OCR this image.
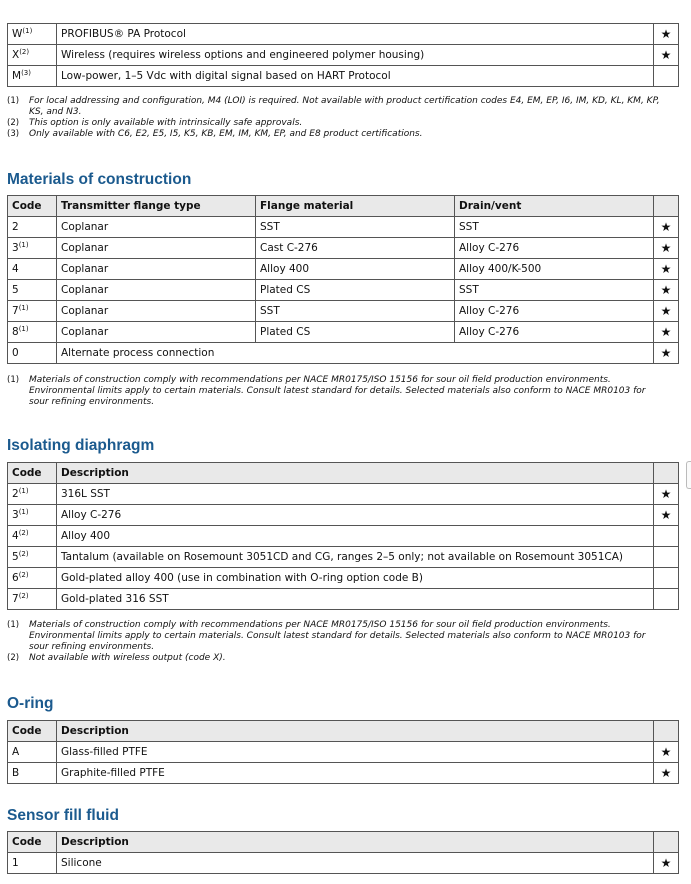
$W^{(1)}$	PROFIBUS® PA Protocol	★
$X^{(2)}$	Wireless (requires wireless options and engineered polymer housing)	★
$M^{(3)}$	Low-power, 1–5 Vdc with digital signal based on HART Protocol	
(1) For local addressing and configuration, M4 (LOI) is required. Not available with product certification codes E4, EM, EP, I6, IM, KD, KL, KM, KP, KS, and N3.
(2) This option is only available with intrinsically safe approvals.
(3) Only available with C6, E2, E5, I5, K5, KB, EM, IM, KM, EP, and E8 product certifications.
Materials of construction
Code	Transmitter flange type	Flange material	Drain/vent	
2	Coplanar	SST	SST	★
3$^{(1)}$	Coplanar	Cast C-276	Alloy C-276	★
4	Coplanar	Alloy 400	Alloy 400/K-500	★
5	Coplanar	Plated CS	SST	★
7$^{(1)}$	Coplanar	SST	Alloy C-276	★
8$^{(1)}$	Coplanar	Plated CS	Alloy C-276	★
0	Alternate process connection			★
(1) Materials of construction comply with recommendations per NACE MR0175/ISO 15156 for sour oil field production environments. Environmental limits apply to certain materials. Consult latest standard for details. Selected materials also conform to NACE MR0103 for sour refining environments.
Isolating diaphragm
Code	Description	
2$^{(1)}$	316L SST	★
3$^{(1)}$	Alloy C-276	★
4$^{(2)}$	Alloy 400	
5$^{(2)}$	Tantalum (available on Rosemount 3051CD and CG, ranges 2–5 only; not available on Rosemount 3051CA)	
6$^{(2)}$	Gold-plated alloy 400 (use in combination with O-ring option code B)	
7$^{(2)}$	Gold-plated 316 SST	
(1) Materials of construction comply with recommendations per NACE MR0175/ISO 15156 for sour oil field production environments. Environmental limits apply to certain materials. Consult latest standard for details. Selected materials also conform to NACE MR0103 for sour refining environments.
(2) Not available with wireless output (code X).
O-ring
Code	Description	
A	Glass-filled PTFE	★
B	Graphite-filled PTFE	★
Sensor fill fluid
Code	Description	
1	Silicone	★
